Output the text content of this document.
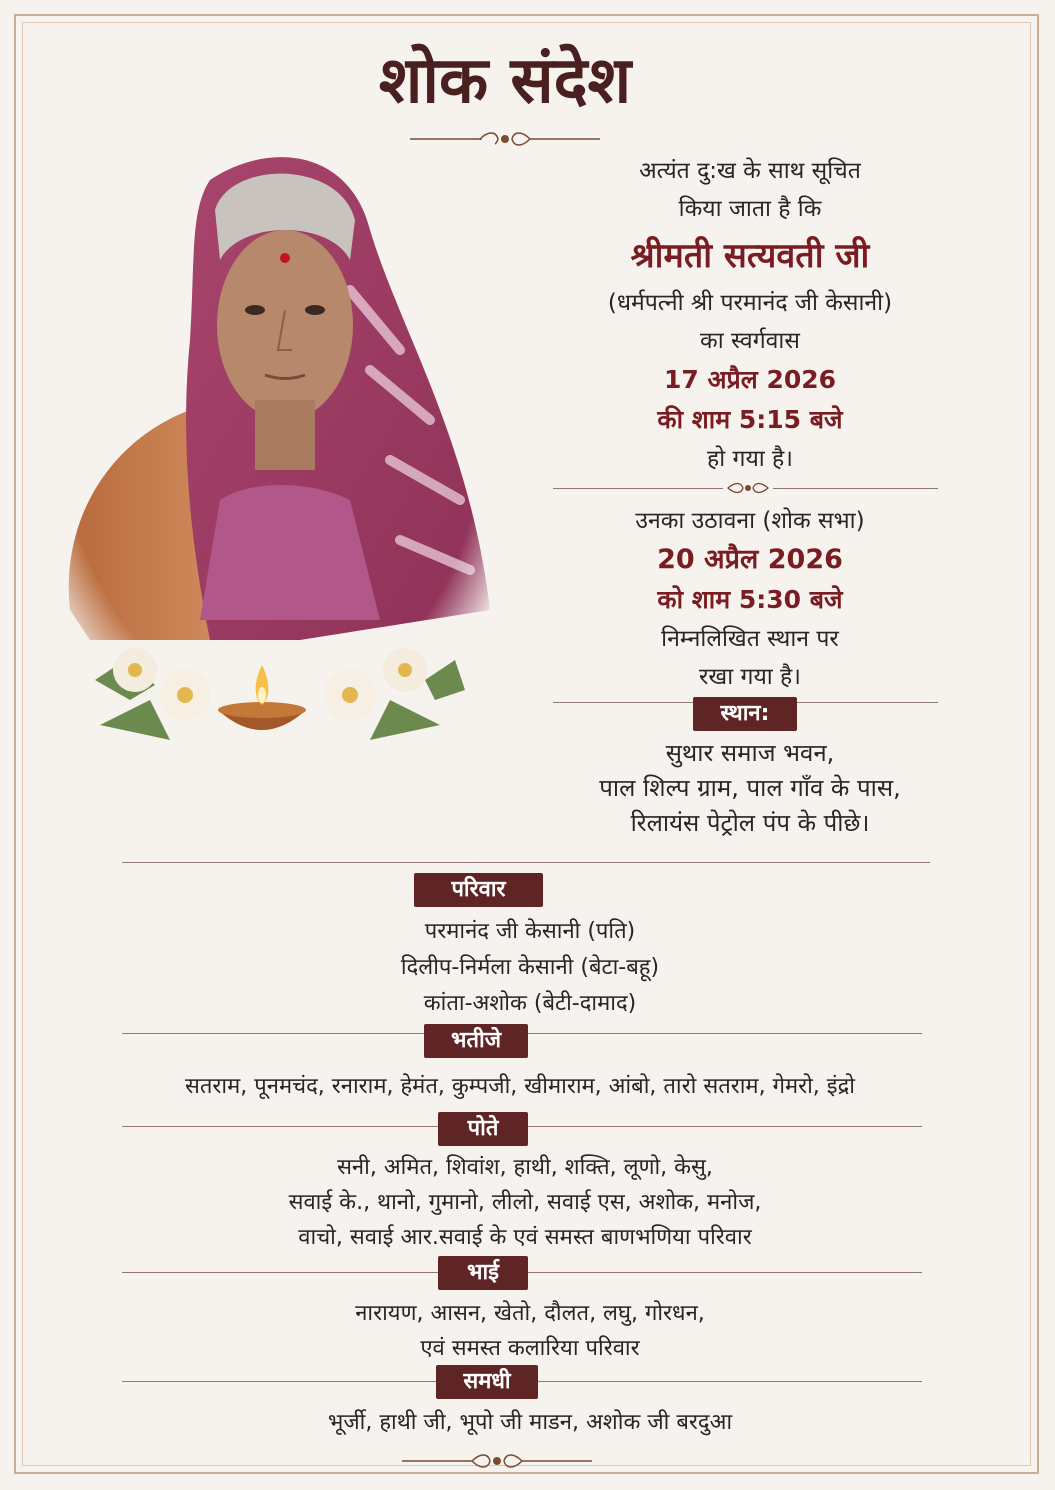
शोक संदेश
अत्यंत दु:ख के साथ सूचित
किया जाता है कि
श्रीमती सत्यवती जी
(धर्मपत्नी श्री परमानंद जी केसानी)
का स्वर्गवास
17 अप्रैल 2026
की शाम 5:15 बजे
हो गया है।
उनका उठावना (शोक सभा)
20 अप्रैल 2026
को शाम 5:30 बजे
निम्नलिखित स्थान पर
रखा गया है।
स्थान:
सुथार समाज भवन,
पाल शिल्प ग्राम, पाल गाँव के पास,
रिलायंस पेट्रोल पंप के पीछे।
परिवार
परमानंद जी केसानी (पति)
दिलीप-निर्मला केसानी (बेटा-बहू)
कांता-अशोक (बेटी-दामाद)
भतीजे
सतराम, पूनमचंद, रनाराम, हेमंत, कुम्पजी, खीमाराम, आंबो, तारो सतराम, गेमरो, इंद्रो
पोते
सनी, अमित, शिवांश, हाथी, शक्ति, लूणो, केसु,
सवाई के., थानो, गुमानो, लीलो, सवाई एस, अशोक, मनोज,
वाचो, सवाई आर.सवाई के एवं समस्त बाणभणिया परिवार
भाई
नारायण, आसन, खेतो, दौलत, लघु, गोरधन,
एवं समस्त कलारिया परिवार
समधी
भूर्जी, हाथी जी, भूपो जी माडन, अशोक जी बरदुआ
